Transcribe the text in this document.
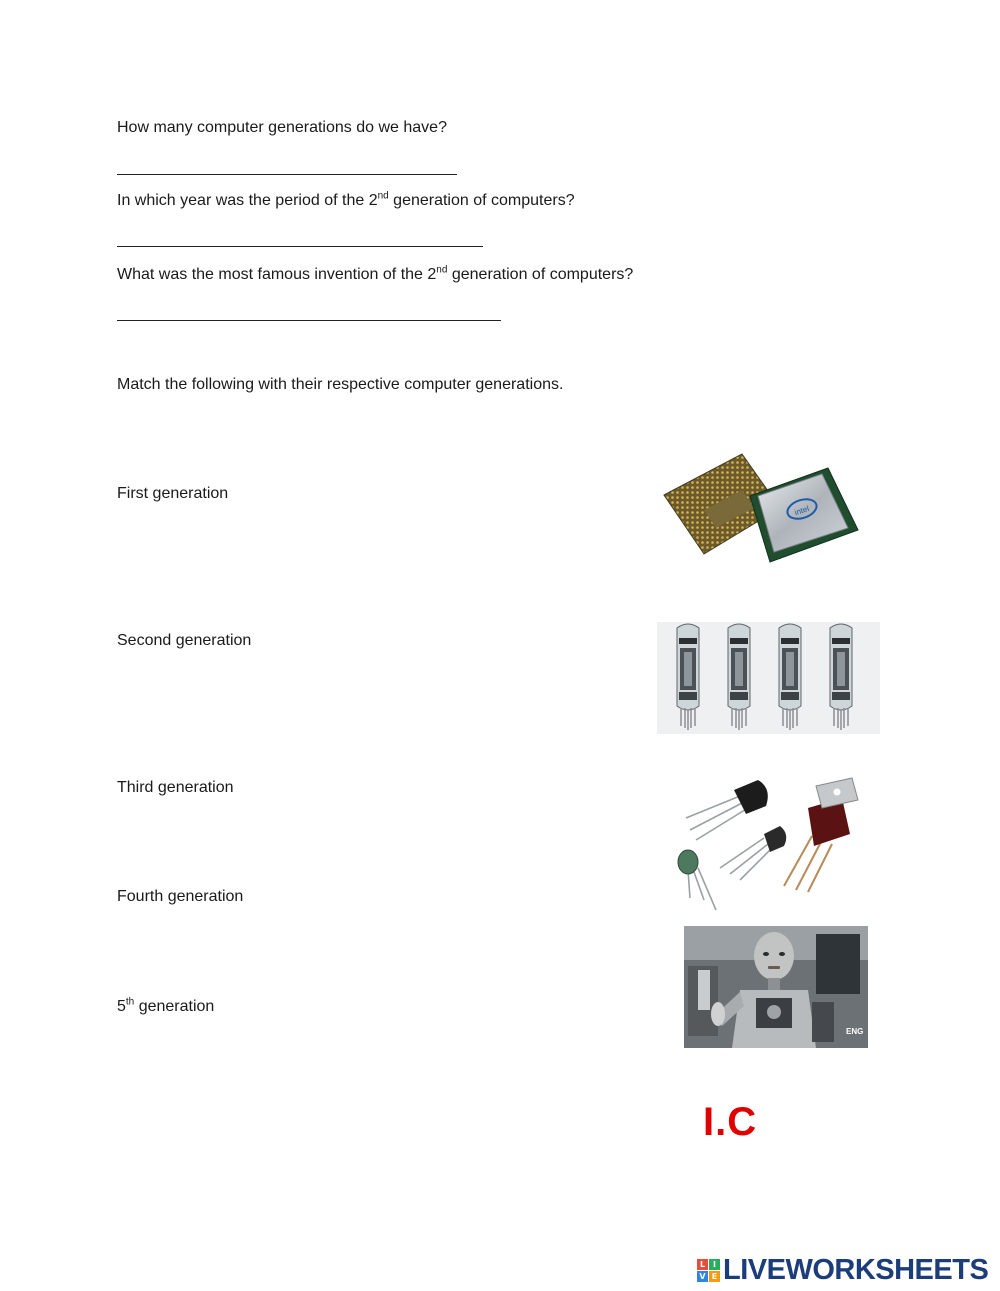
How many computer generations do we have?
In which year was the period of the 2nd generation of computers?
What was the most famous invention of the 2nd generation of computers?
Match the following with their respective computer generations.
First generation
Second generation
Third generation
Fourth generation
5th generation
intel
ENG
I.C
L I
V E LIVEWORKSHEETS
